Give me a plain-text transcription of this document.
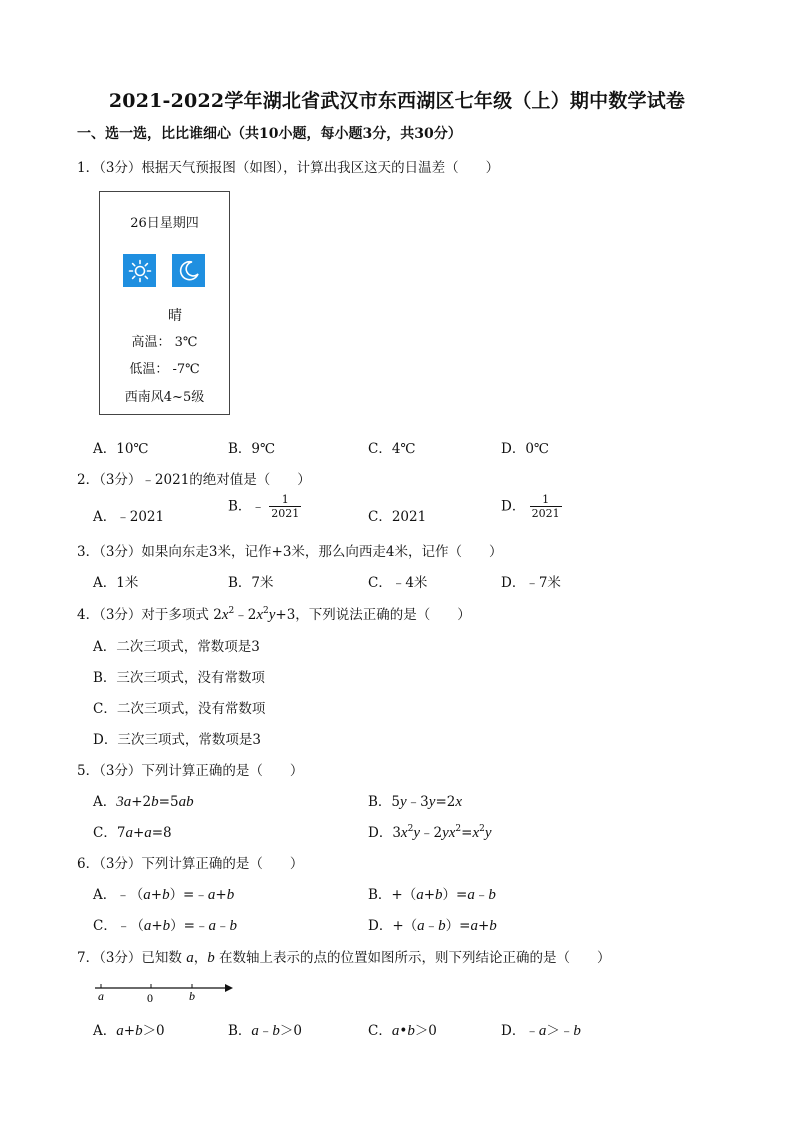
2021-2022学年湖北省武汉市东西湖区七年级（上）期中数学试卷
一、选一选，比比谁细心（共10小题，每小题3分，共30分）
1．（3分）根据天气预报图（如图），计算出我区这天的日温差（　　）
26日星期四
晴
高温： 3℃
低温： -7℃
西南风4~5级
A．10℃	B．9℃	C．4℃	D．0℃
2．（3分）﹣2021的绝对值是（　　）
A．﹣2021
B．﹣ $\frac{1}{2021}$	C．2021
D． $\frac{1}{2021}$
3．（3分）如果向东走3米，记作+3米，那么向西走4米，记作（　　）
A．1米	B．7米	C．﹣4米	D．﹣7米
4．（3分）对于多项式 $2x^2﹣2x^2y+3$，下列说法正确的是（　　）
A．二次三项式，常数项是3
B．三次三项式，没有常数项
C．二次三项式，没有常数项
D．三次三项式，常数项是3
5．（3分）下列计算正确的是（　　）
A．3a+2b=5ab	B．5y﹣3y=2x
C．7a+a=8	D．$3x^2y﹣2yx^2=x^2y$
6．（3分）下列计算正确的是（　　）
A．﹣（a+b）=﹣a+b	B．+（a+b）=a﹣b
C．﹣（a+b）=﹣a﹣b	D．+（a﹣b）=a+b
7．（3分）已知数 a，b 在数轴上表示的点的位置如图所示，则下列结论正确的是（　　）
a	0	b
A．a+b＞0	B．a﹣b＞0	C．a•b＞0	D．﹣a＞﹣b
